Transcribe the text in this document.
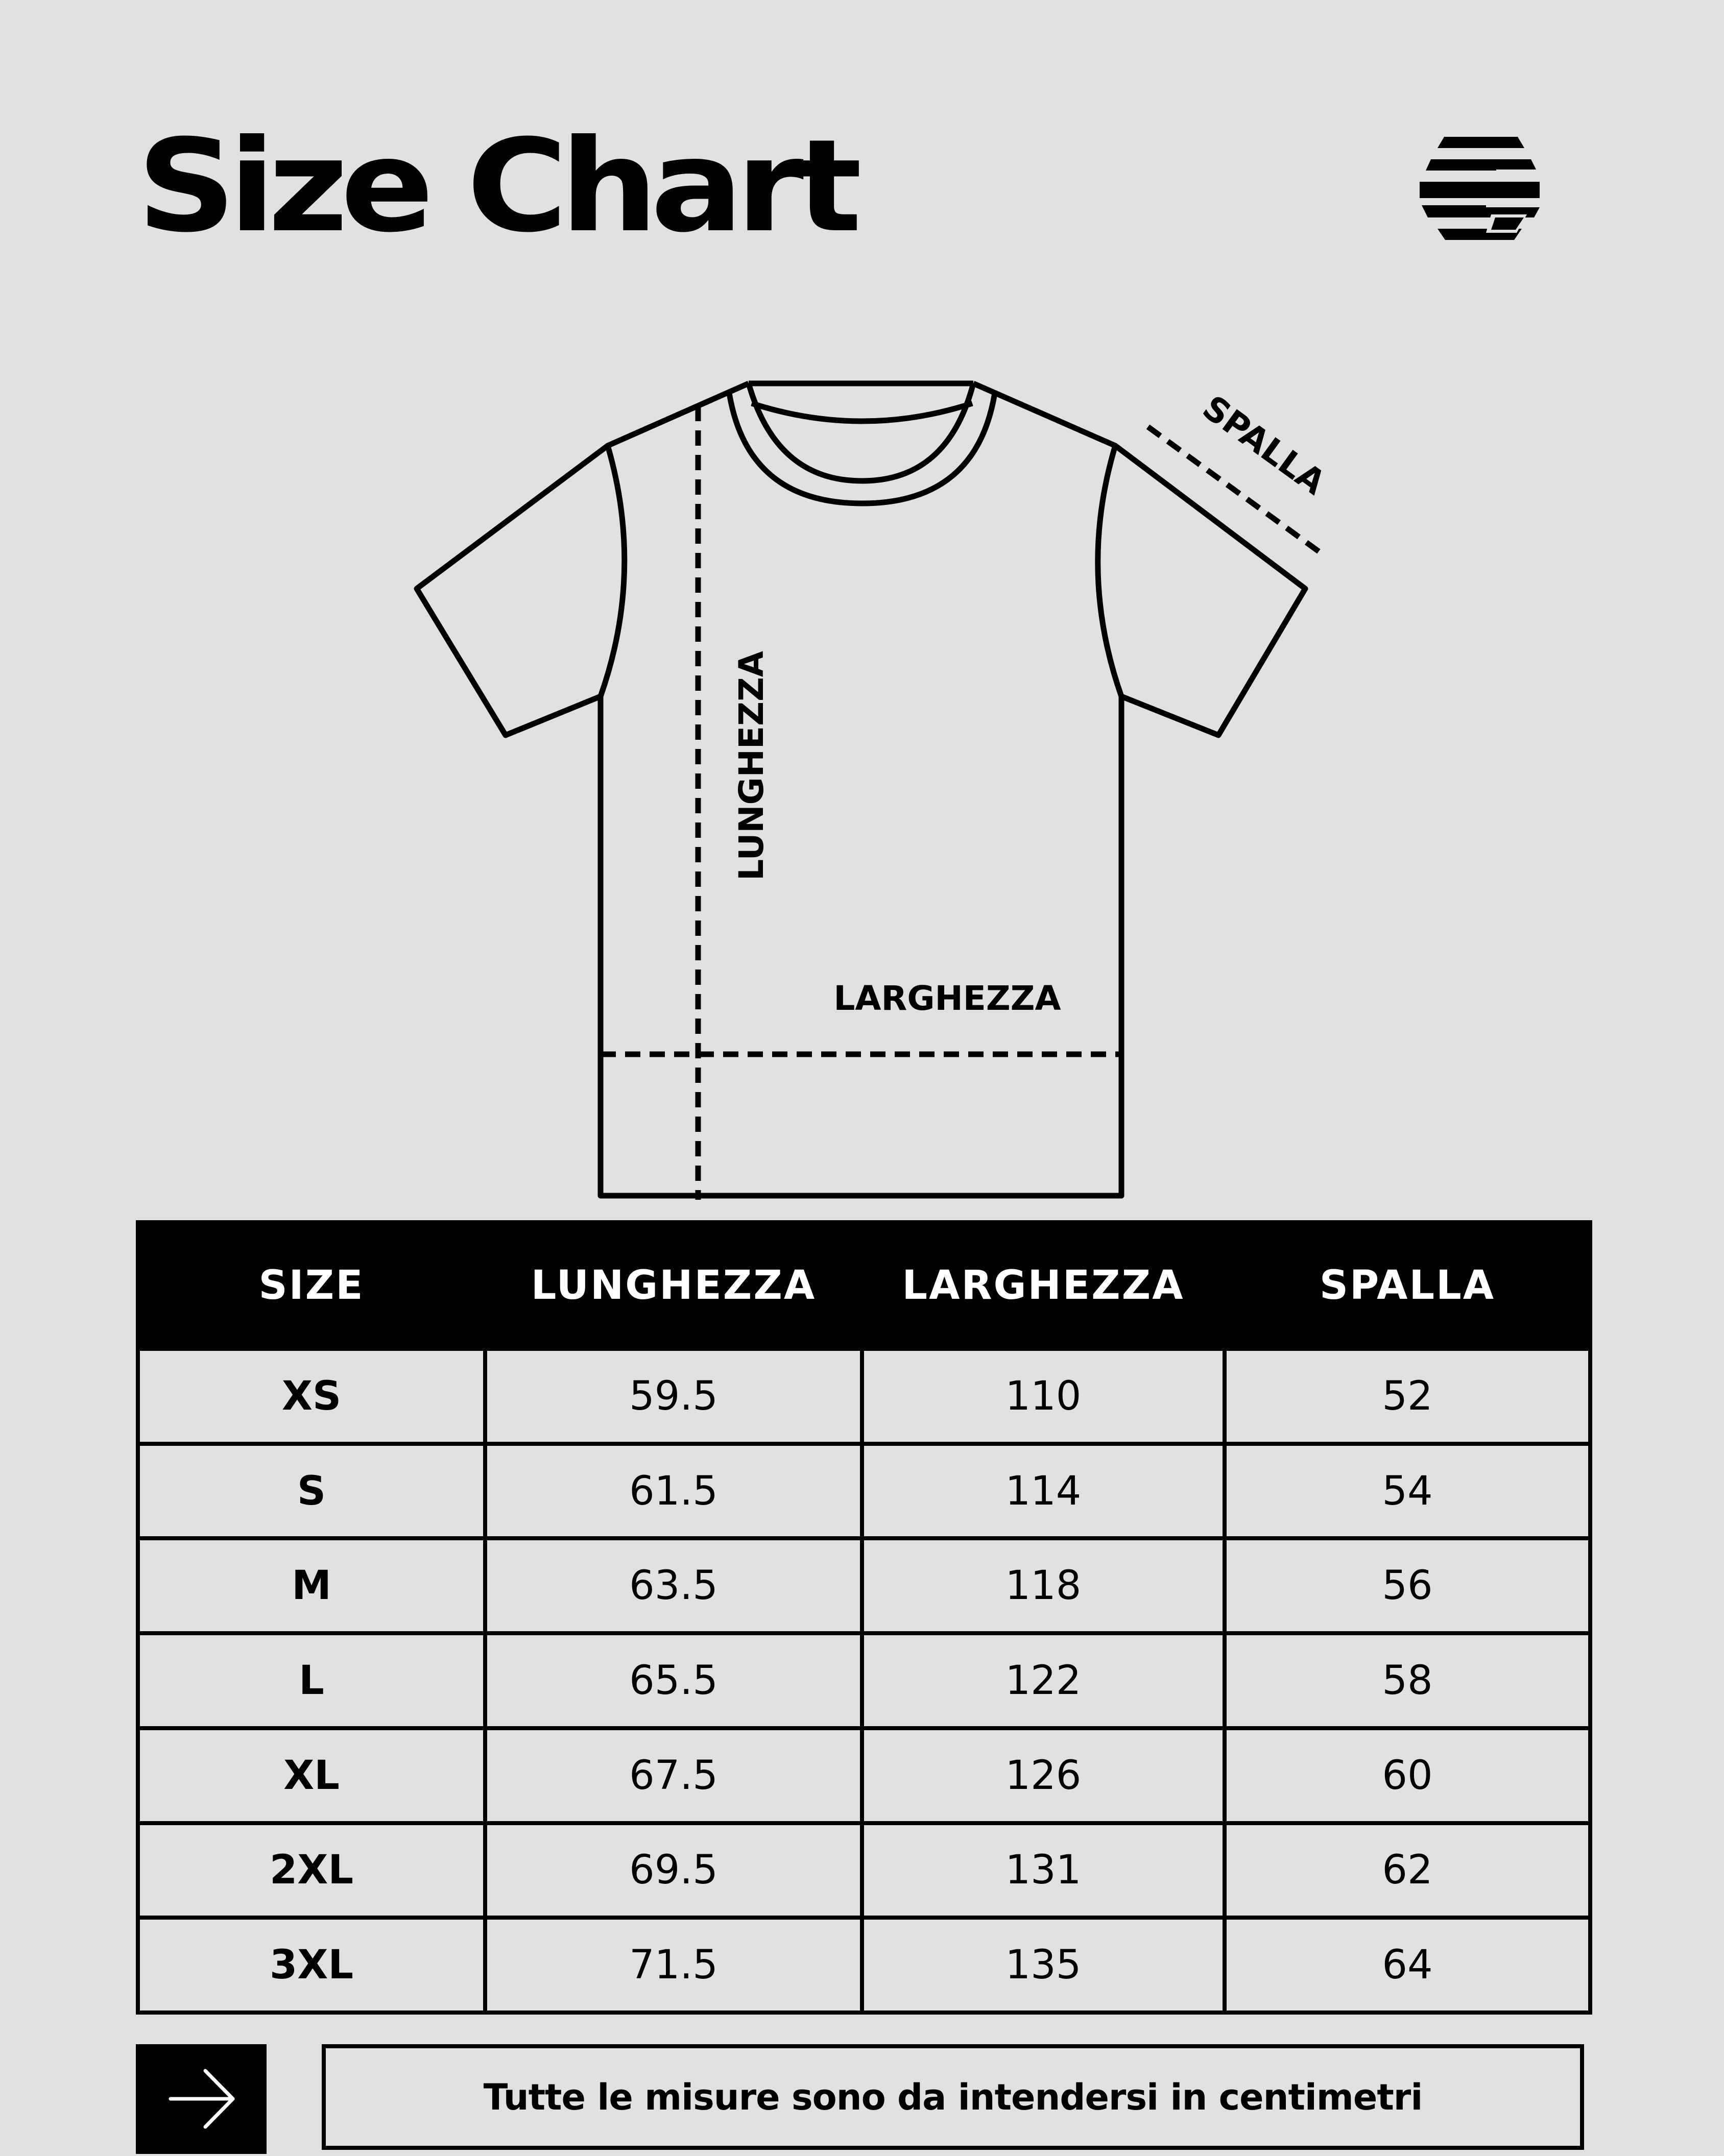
Size Chart
LUNGHEZZA
LARGHEZZA
SPALLA
SIZE	LUNGHEZZA	LARGHEZZA	SPALLA
XS	59.5	110	52
S	61.5	114	54
M	63.5	118	56
L	65.5	122	58
XL	67.5	126	60
2XL	69.5	131	62
3XL	71.5	135	64
Tutte le misure sono da intendersi in centimetri
